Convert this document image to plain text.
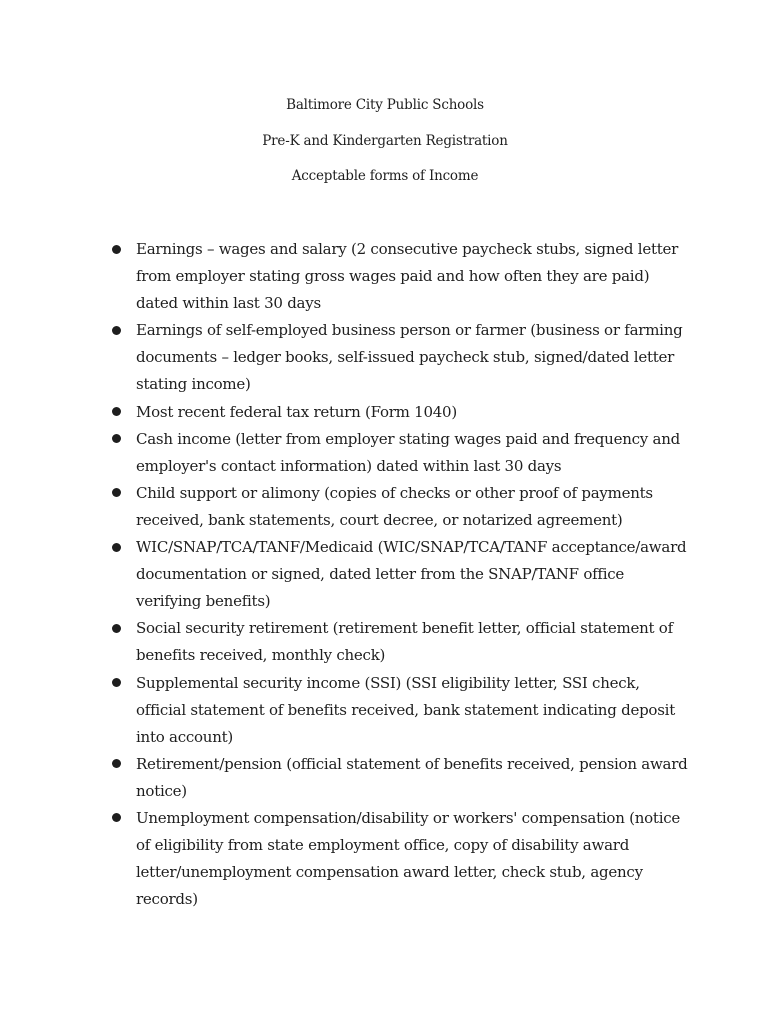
Baltimore City Public Schools
Pre-K and Kindergarten Registration
Acceptable forms of Income
Earnings – wages and salary (2 consecutive paycheck stubs, signed letter from employer stating gross wages paid and how often they are paid) dated within last 30 days
Earnings of self-employed business person or farmer (business or farming documents – ledger books, self-issued paycheck stub, signed/dated letter stating income)
Most recent federal tax return (Form 1040)
Cash income (letter from employer stating wages paid and frequency and employer's contact information) dated within last 30 days
Child support or alimony (copies of checks or other proof of payments received, bank statements, court decree, or notarized agreement)
WIC/SNAP/TCA/TANF/Medicaid (WIC/SNAP/TCA/TANF acceptance/award documentation or signed, dated letter from the SNAP/TANF office verifying benefits)
Social security retirement (retirement benefit letter, official statement of benefits received, monthly check)
Supplemental security income (SSI) (SSI eligibility letter, SSI check, official statement of benefits received, bank statement indicating deposit into account)
Retirement/pension (official statement of benefits received, pension award notice)
Unemployment compensation/disability or workers' compensation (notice of eligibility from state employment office, copy of disability award letter/unemployment compensation award letter, check stub, agency records)
